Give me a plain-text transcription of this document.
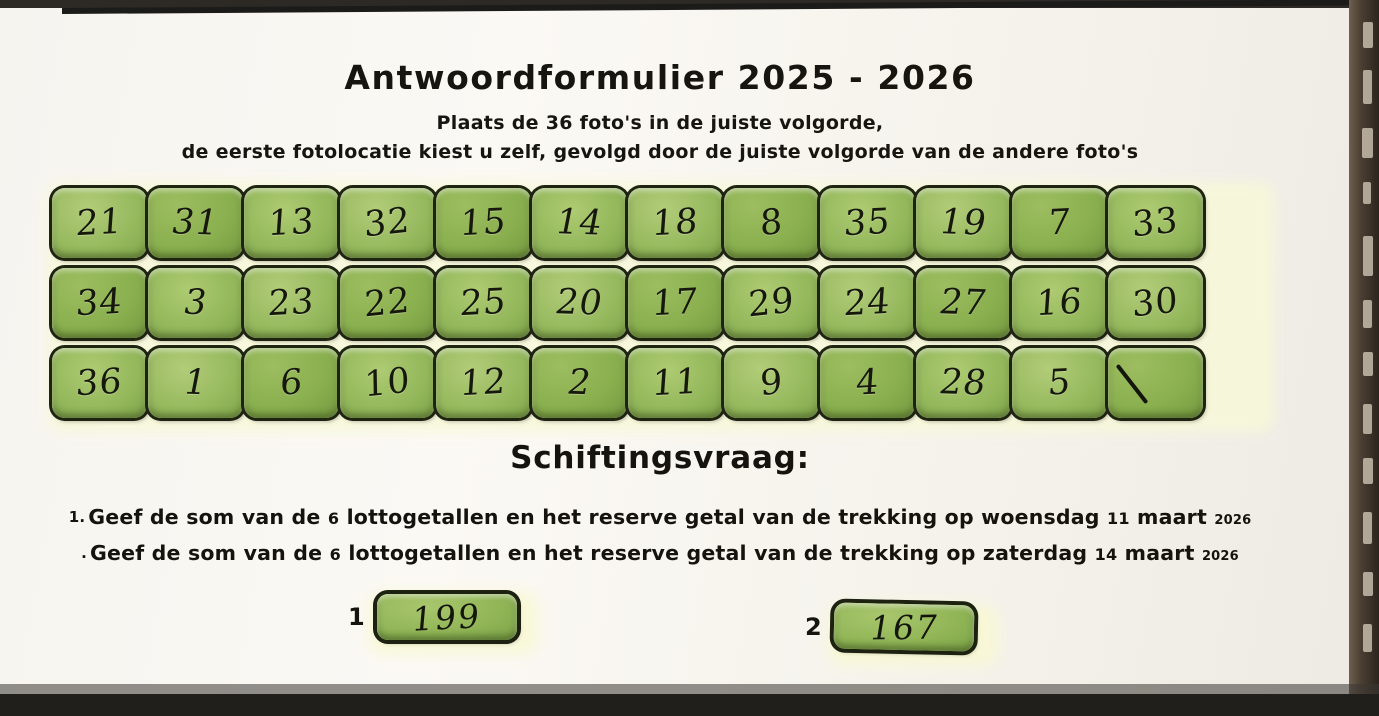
Antwoordformulier 2025 - 2026
Plaats de 36 foto's in de juiste volgorde,
de eerste fotolocatie kiest u zelf, gevolgd door de juiste volgorde van de andere foto's
21 31 13 32 15 14 18 8 35 19 7 33
34 3 23 22 25 20 17 29 24 27 16 30
36 1 6 10 12 2 11 9 4 28 5
Schiftingsvraag:
1. Geef de som van de 6 lottogetallen en het reserve getal van de trekking op woensdag 11 maart 2026
. Geef de som van de 6 lottogetallen en het reserve getal van de trekking op zaterdag 14 maart 2026
1 199	2 167
